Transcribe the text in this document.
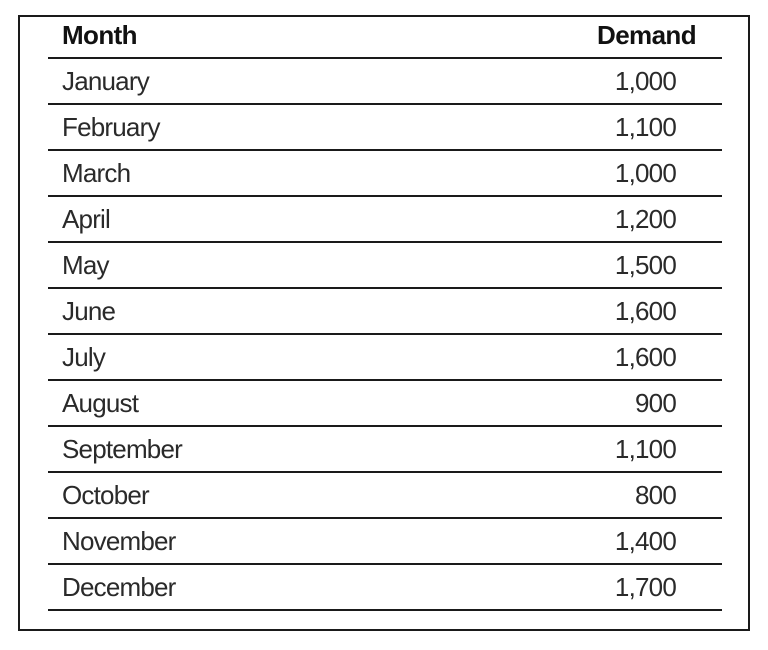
Month	Demand
January	1,000
February	1,100
March	1,000
April	1,200
May	1,500
June	1,600
July	1,600
August	900
September	1,100
October	800
November	1,400
December	1,700
